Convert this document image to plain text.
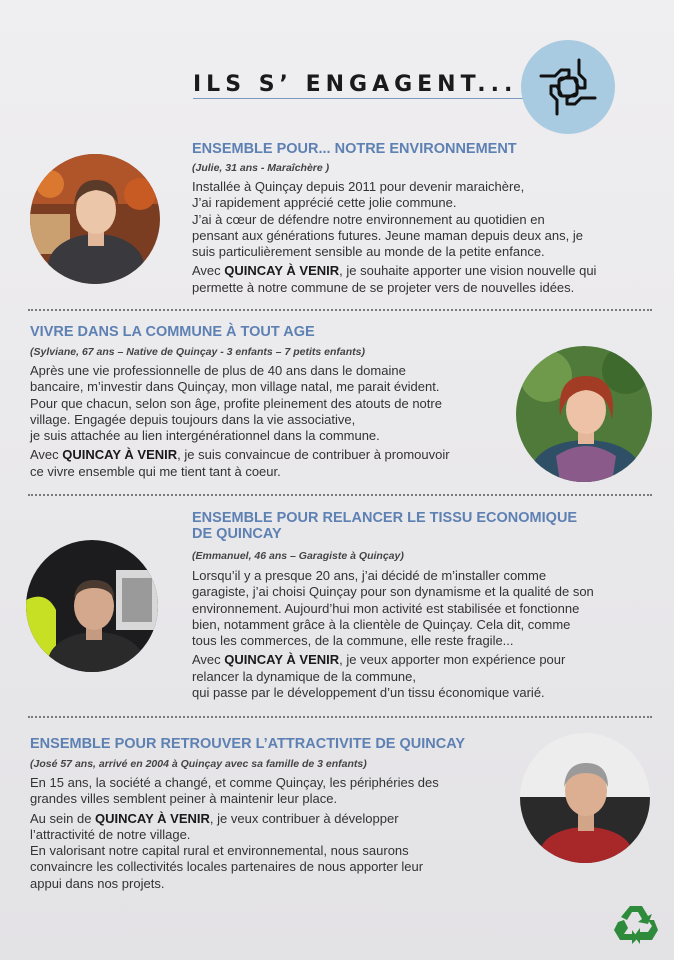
ILS S’ ENGAGENT...
ENSEMBLE POUR... NOTRE ENVIRONNEMENT
(Julie, 31 ans - Maraîchère )

Installée à Quinçay depuis 2011 pour devenir maraichère,
J’ai rapidement apprécié cette jolie commune.
J’ai à cœur de défendre notre environnement au quotidien en
pensant aux générations futures. Jeune maman depuis deux ans, je
suis particulièrement sensible au monde de la petite enfance.

Avec QUINCAY À VENIR, je souhaite apporter une vision nouvelle qui
permette à notre commune de se projeter vers de nouvelles idées.

VIVRE DANS LA COMMUNE À TOUT AGE
(Sylviane, 67 ans – Native de Quinçay - 3 enfants – 7 petits enfants)

Après une vie professionnelle de plus de 40 ans dans le domaine
bancaire, m’investir dans Quinçay, mon village natal, me parait évident.
Pour que chacun, selon son âge, profite pleinement des atouts de notre
village. Engagée depuis toujours dans la vie associative,
je suis attachée au lien intergénérationnel dans la commune.

Avec QUINCAY À VENIR, je suis convaincue de contribuer à promouvoir
ce vivre ensemble qui me tient tant à coeur.

ENSEMBLE POUR RELANCER LE TISSU ECONOMIQUE
DE QUINCAY
(Emmanuel, 46 ans – Garagiste à Quinçay)

Lorsqu’il y a presque 20 ans, j’ai décidé de m’installer comme
garagiste, j’ai choisi Quinçay pour son dynamisme et la qualité de son
environnement. Aujourd’hui mon activité est stabilisée et fonctionne
bien, notamment grâce à la clientèle de Quinçay. Cela dit, comme
tous les commerces, de la commune, elle reste fragile...

Avec QUINCAY À VENIR, je veux apporter mon expérience pour
relancer la dynamique de la commune,
qui passe par le développement d’un tissu économique varié.

ENSEMBLE POUR RETROUVER L’ATTRACTIVITE DE QUINCAY
(José 57 ans, arrivé en 2004 à Quinçay avec sa famille de 3 enfants)

En 15 ans, la société a changé, et comme Quinçay, les périphéries des
grandes villes semblent peiner à maintenir leur place.

Au sein de QUINCAY À VENIR, je veux contribuer à développer
l’attractivité de notre village.
En valorisant notre capital rural et environnemental, nous saurons
convaincre les collectivités locales partenaires de nous apporter leur
appui dans nos projets.
